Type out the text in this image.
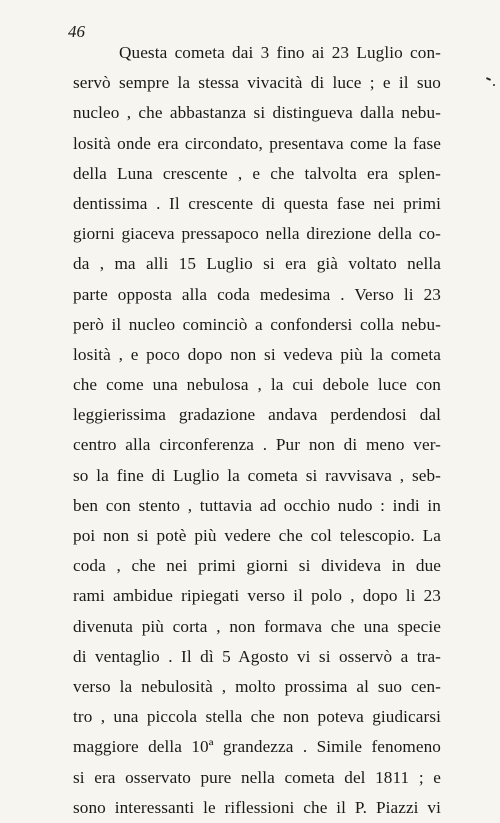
46
Questa cometa dai 3 fino ai 23 Luglio con-
servò sempre la stessa vivacità di luce ; e il suo
nucleo , che abbastanza si distingueva dalla nebu-
losità onde era circondato, presentava come la fase
della Luna crescente , e che talvolta era splen-
dentissima . Il crescente di questa fase nei primi
giorni giaceva pressapoco nella direzione della co-
da , ma alli 15 Luglio si era già voltato nella
parte opposta alla coda medesima . Verso li 23
però il nucleo cominciò a confondersi colla nebu-
losità , e poco dopo non si vedeva più la cometa
che come una nebulosa , la cui debole luce con
leggierissima gradazione andava perdendosi dal
centro alla circonferenza . Pur non di meno ver-
so la fine di Luglio la cometa si ravvisava , seb-
ben con stento , tuttavia ad occhio nudo : indi in
poi non si potè più vedere che col telescopio. La
coda , che nei primi giorni si divideva in due
rami ambidue ripiegati verso il polo , dopo li 23
divenuta più corta , non formava che una specie
di ventaglio . Il dì 5 Agosto vi si osservò a tra-
verso la nebulosità , molto prossima al suo cen-
tro , una piccola stella che non poteva giudicarsi
maggiore della 10ª grandezza . Simile fenomeno
si era osservato pure nella cometa del 1811 ; e
sono interessanti le riflessioni che il P. Piazzi vi
